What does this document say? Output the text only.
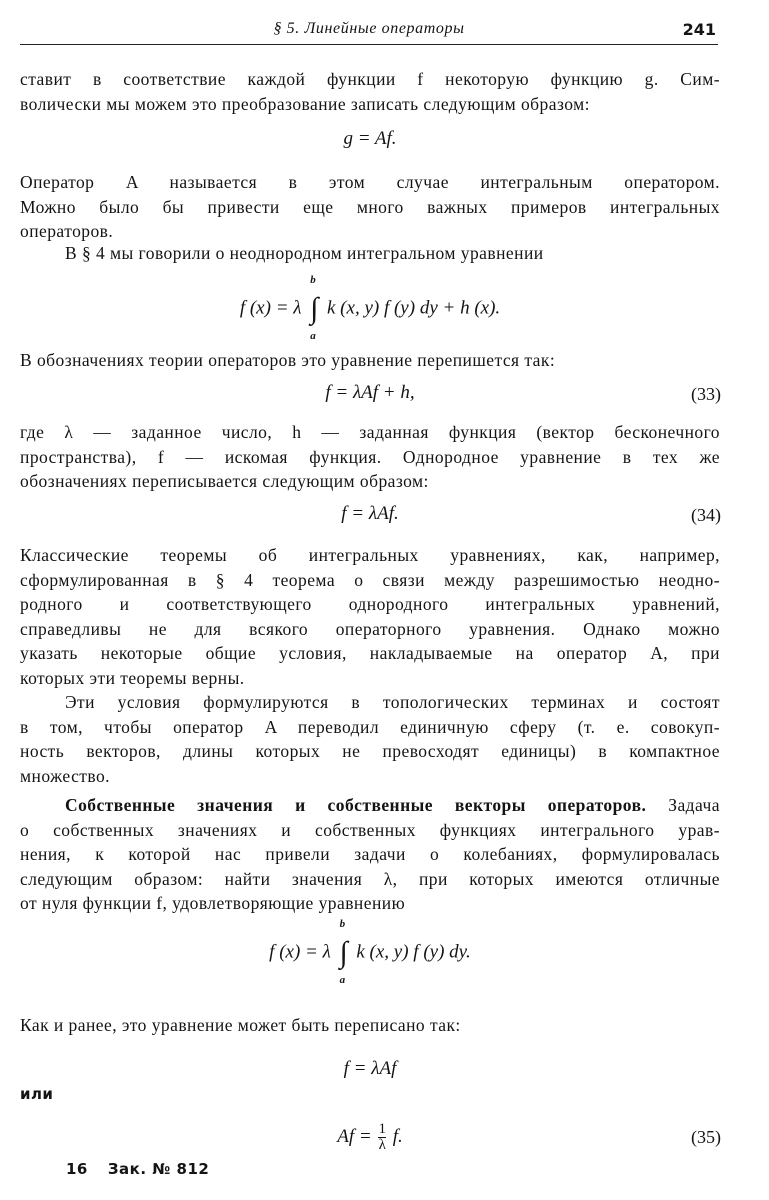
§ 5. Линейные операторы	241

ставит в соответствие каждой функции f некоторую функцию g. Сим-
волически мы можем это преобразование записать следующим образом:

g = Af.

Оператор A называется в этом случае интегральным оператором.
Можно было бы привести еще много важных примеров интегральных
операторов.

В § 4 мы говорили о неоднородном интегральном уравнении

f (x) = λ ∫
b
a
k (x, y) f (y) dy + h (x).

В обозначениях теории операторов это уравнение перепишется так:

f = λAf + h,	(33)

где λ — заданное число, h — заданная функция (вектор бесконечного
пространства), f — искомая функция. Однородное уравнение в тех же
обозначениях переписывается следующим образом:

f = λAf.	(34)

Классические теоремы об интегральных уравнениях, как, например,
сформулированная в § 4 теорема о связи между разрешимостью неодно-
родного и соответствующего однородного интегральных уравнений,
справедливы не для всякого операторного уравнения. Однако можно
указать некоторые общие условия, накладываемые на оператор A, при
которых эти теоремы верны.

Эти условия формулируются в топологических терминах и состоят
в том, чтобы оператор A переводил единичную сферу (т. е. совокуп-
ность векторов, длины которых не превосходят единицы) в компактное
множество.

Собственные значения и собственные векторы операторов. Задача
о собственных значениях и собственных функциях интегрального урав-
нения, к которой нас привели задачи о колебаниях, формулировалась
следующим образом: найти значения λ, при которых имеются отличные
от нуля функции f, удовлетворяющие уравнению

f (x) = λ ∫
b
a
k (x, y) f (y) dy.

Как и ранее, это уравнение может быть переписано так:

f = λAf
или
$Af = \frac{1}{\lambda} f$.	(35)
16 Зак. № 812
